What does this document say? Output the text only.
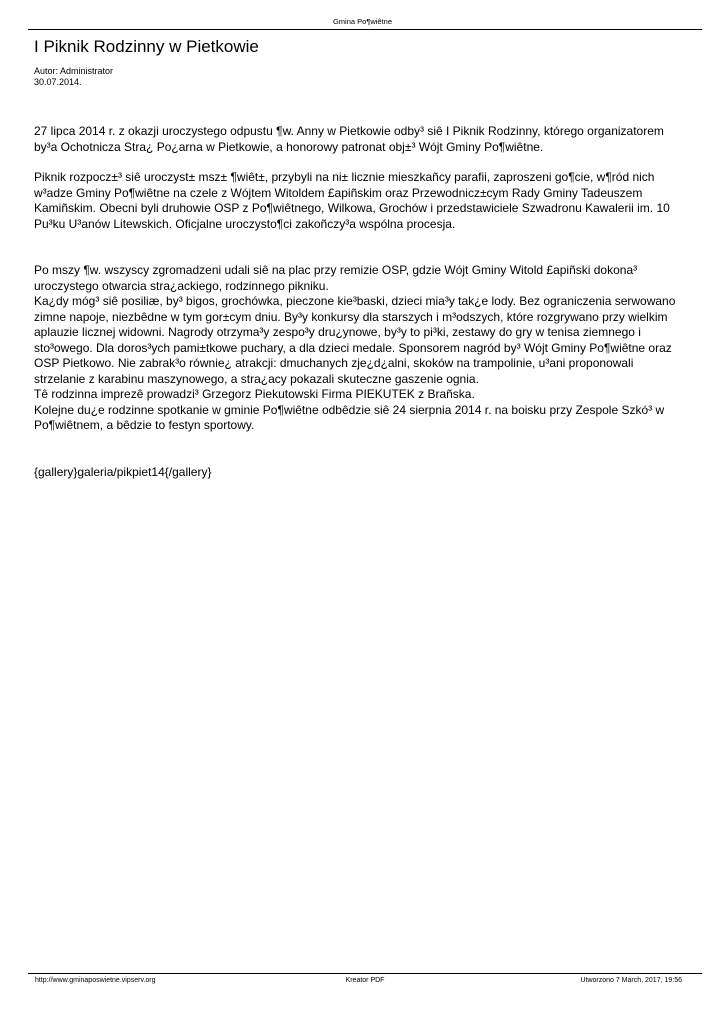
Gmina Po¶wiêtne
I Piknik Rodzinny w Pietkowie
Autor: Administrator
30.07.2014.

27 lipca 2014 r. z okazji uroczystego odpustu ¶w. Anny w Pietkowie odby³ siê I Piknik Rodzinny, którego organizatorem
by³a Ochotnicza Stra¿ Po¿arna w Pietkowie, a honorowy patronat obj±³ Wójt Gminy Po¶wiêtne.

Piknik rozpocz±³ siê uroczyst± msz± ¶wiêt±, przybyli na ni± licznie mieszkañcy parafii, zaproszeni go¶cie, w¶ród nich
w³adze Gminy Po¶wiêtne na czele z Wójtem Witoldem £apiñskim oraz Przewodnicz±cym Rady Gminy Tadeuszem
Kamiñskim. Obecni byli druhowie OSP z Po¶wiêtnego, Wilkowa, Grochów i przedstawiciele Szwadronu Kawalerii im. 10
Pu³ku U³anów Litewskich. Oficjalne uroczysto¶ci zakoñczy³a wspólna procesja.

Po mszy ¶w. wszyscy zgromadzeni udali siê na plac przy remizie OSP, gdzie Wójt Gminy Witold £apiñski dokona³
uroczystego otwarcia stra¿ackiego, rodzinnego pikniku.
Ka¿dy móg³ siê posiliæ, by³ bigos, grochówka, pieczone kie³baski, dzieci mia³y tak¿e lody. Bez ograniczenia serwowano
zimne napoje, niezbêdne w tym gor±cym dniu. By³y konkursy dla starszych i m³odszych, które rozgrywano przy wielkim
aplauzie licznej widowni. Nagrody otrzyma³y zespo³y dru¿ynowe, by³y to pi³ki, zestawy do gry w tenisa ziemnego i
sto³owego. Dla doros³ych pami±tkowe puchary, a dla dzieci medale. Sponsorem nagród by³ Wójt Gminy Po¶wiêtne oraz
OSP Pietkowo. Nie zabrak³o równie¿ atrakcji: dmuchanych zje¿d¿alni, skoków na trampolinie, u³ani proponowali
strzelanie z karabinu maszynowego, a stra¿acy pokazali skuteczne gaszenie ognia.
Tê rodzinna imprezê prowadzi³ Grzegorz Piekutowski Firma PIEKUTEK z Brañska.
Kolejne du¿e rodzinne spotkanie w gminie Po¶wiêtne odbêdzie siê 24 sierpnia 2014 r. na boisku przy Zespole Szkó³ w
Po¶wiêtnem, a bêdzie to festyn sportowy.

{gallery}galeria/pikpiet14{/gallery}

http://www.gminaposwietne.vipserv.org	Kreator PDF	Utworzono 7 March, 2017, 19:56
